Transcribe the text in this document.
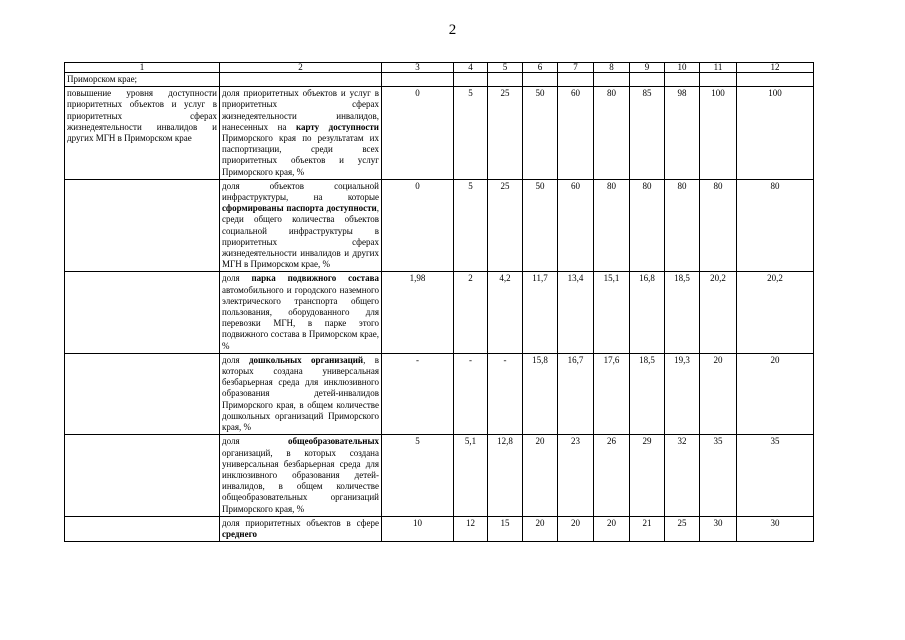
2
1	2	3	4	5	6	7	8	9	10	11	12
Приморском крае;											
повышение уровня доступности приоритетных объектов и услуг в приоритетных сферах жизнедеятельности инвалидов и других МГН в Приморском крае	доля приоритетных объектов и услуг в приоритетных сферах жизнедеятельности инвалидов, нанесенных на карту доступности Приморского края по результатам их паспортизации, среди всех приоритетных объектов и услуг Приморского края, %	0	5	25	50	60	80	85	98	100	100
	доля объектов социальной инфраструктуры, на которые сформированы паспорта доступности, среди общего количества объектов социальной инфраструктуры в приоритетных сферах жизнедеятельности инвалидов и других МГН в Приморском крае, %	0	5	25	50	60	80	80	80	80	80
	доля парка подвижного состава автомобильного и городского наземного электрического транспорта общего пользования, оборудованного для перевозки МГН, в парке этого подвижного состава в Приморском крае, %	1,98	2	4,2	11,7	13,4	15,1	16,8	18,5	20,2	20,2
	доля дошкольных организаций, в которых создана универсальная безбарьерная среда для инклюзивного образования детей-инвалидов Приморского края, в общем количестве дошкольных организаций Приморского края, %	-	-	-	15,8	16,7	17,6	18,5	19,3	20	20
	доля общеобразовательных организаций, в которых создана универсальная безбарьерная среда для инклюзивного образования детей-инвалидов, в общем количестве общеобразовательных организаций Приморского края, %	5	5,1	12,8	20	23	26	29	32	35	35
	доля приоритетных объектов в сфере среднего	10	12	15	20	20	20	21	25	30	30
